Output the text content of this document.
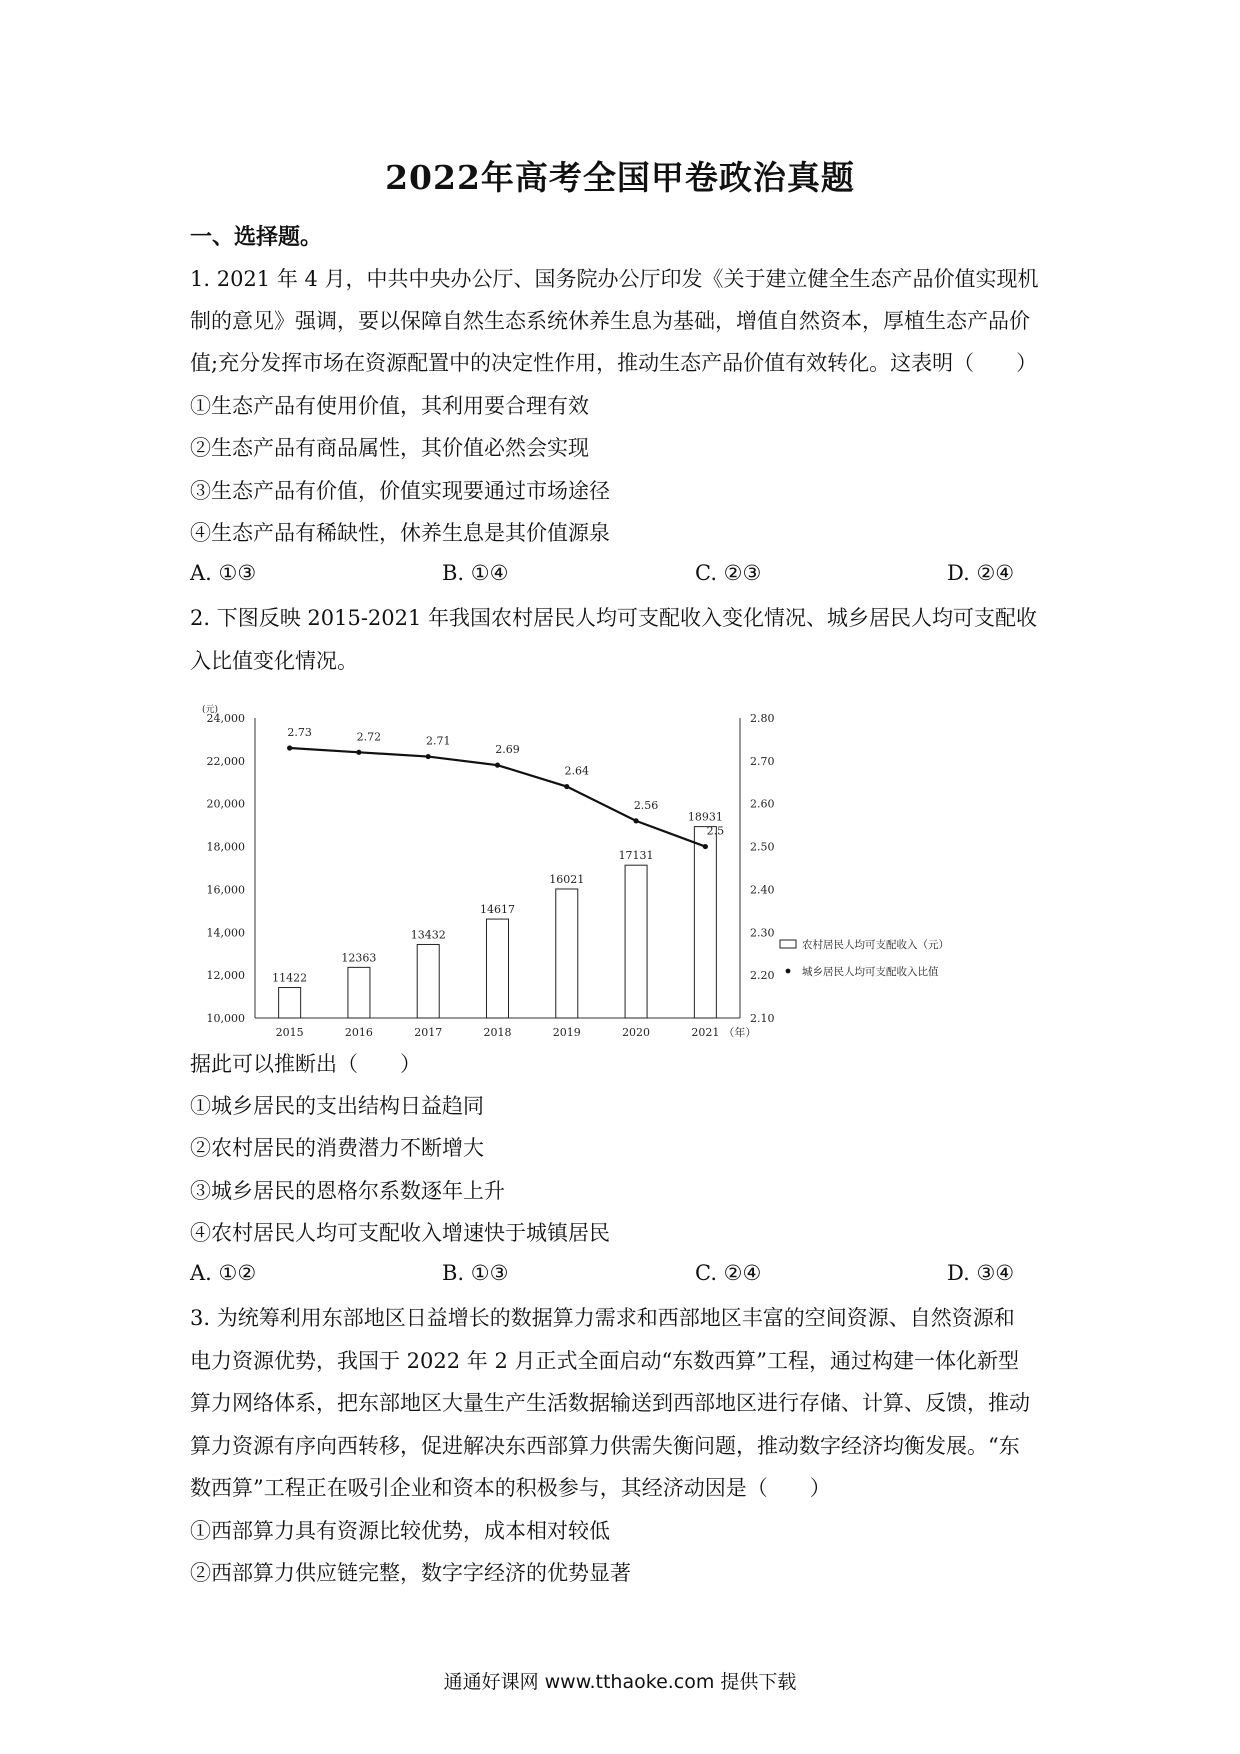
2022年高考全国甲卷政治真题
一、选择题。
1. 2021 年 4 月，中共中央办公厅、国务院办公厅印发《关于建立健全生态产品价值实现机
制的意见》强调，要以保障自然生态系统休养生息为基础，增值自然资本，厚植生态产品价
值;充分发挥市场在资源配置中的决定性作用，推动生态产品价值有效转化。这表明（　　）
①生态产品有使用价值，其利用要合理有效
②生态产品有商品属性，其价值必然会实现
③生态产品有价值，价值实现要通过市场途径
④生态产品有稀缺性，休养生息是其价值源泉
A. ①③	B. ①④	C. ②③	D. ②④
2. 下图反映 2015-2021 年我国农村居民人均可支配收入变化情况、城乡居民人均可支配收
入比值变化情况。
10,000
12,000
14,000
16,000
18,000
20,000
22,000
24,000
(元)
2.10
2.20
2.30
2.40
2.50
2.60
2.70
2.80
2015	2016	2017	2018	2019	2020	2021 （年）
11422
12363
13432
14617
16021
17131
18931
2.73	2.72	2.71
2.69
2.64
2.56
2.5
农村居民人均可支配收入（元）
城乡居民人均可支配收入比值
据此可以推断出（　　）
①城乡居民的支出结构日益趋同
②农村居民的消费潜力不断增大
③城乡居民的恩格尔系数逐年上升
④农村居民人均可支配收入增速快于城镇居民
A. ①②	B. ①③	C. ②④	D. ③④
3. 为统筹利用东部地区日益增长的数据算力需求和西部地区丰富的空间资源、自然资源和
电力资源优势，我国于 2022 年 2 月正式全面启动“东数西算”工程，通过构建一体化新型
算力网络体系，把东部地区大量生产生活数据输送到西部地区进行存储、计算、反馈，推动
算力资源有序向西转移，促进解决东西部算力供需失衡问题，推动数字经济均衡发展。“东
数西算”工程正在吸引企业和资本的积极参与，其经济动因是（　　）
①西部算力具有资源比较优势，成本相对较低
②西部算力供应链完整，数字字经济的优势显著
通通好课网 www.tthaoke.com 提供下载
